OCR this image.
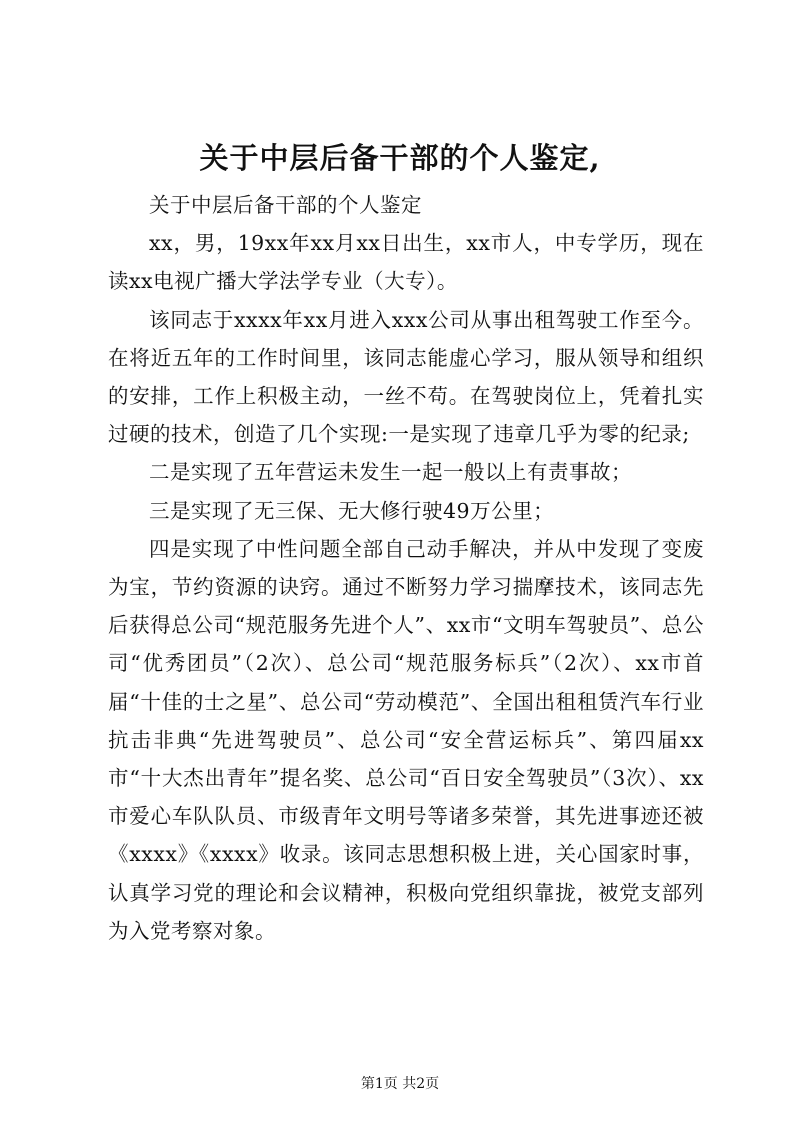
关于中层后备干部的个人鉴定,

关于中层后备干部的个人鉴定

xx，男，19xx年xx月xx日出生，xx市人，中专学历，现在读xx电视广播大学法学专业（大专）。

该同志于xxxx年xx月进入xxx公司从事出租驾驶工作至今。在将近五年的工作时间里，该同志能虚心学习，服从领导和组织的安排，工作上积极主动，一丝不苟。在驾驶岗位上，凭着扎实过硬的技术，创造了几个实现:一是实现了违章几乎为零的纪录;

二是实现了五年营运未发生一起一般以上有责事故；

三是实现了无三保、无大修行驶49万公里；

四是实现了中性问题全部自己动手解决，并从中发现了变废为宝，节约资源的诀窍。通过不断努力学习揣摩技术，该同志先后获得总公司“规范服务先进个人”、xx市“文明车驾驶员”、总公司“优秀团员”（2次）、总公司“规范服务标兵”（2次）、xx市首届“十佳的士之星”、总公司“劳动模范”、全国出租租赁汽车行业抗击非典“先进驾驶员”、总公司“安全营运标兵”、第四届xx市“十大杰出青年”提名奖、总公司“百日安全驾驶员”（3次）、xx市爱心车队队员、市级青年文明号等诸多荣誉，其先进事迹还被《xxxx》《xxxx》收录。该同志思想积极上进，关心国家时事，认真学习党的理论和会议精神，积极向党组织靠拢，被党支部列为入党考察对象。

第1页 共2页
